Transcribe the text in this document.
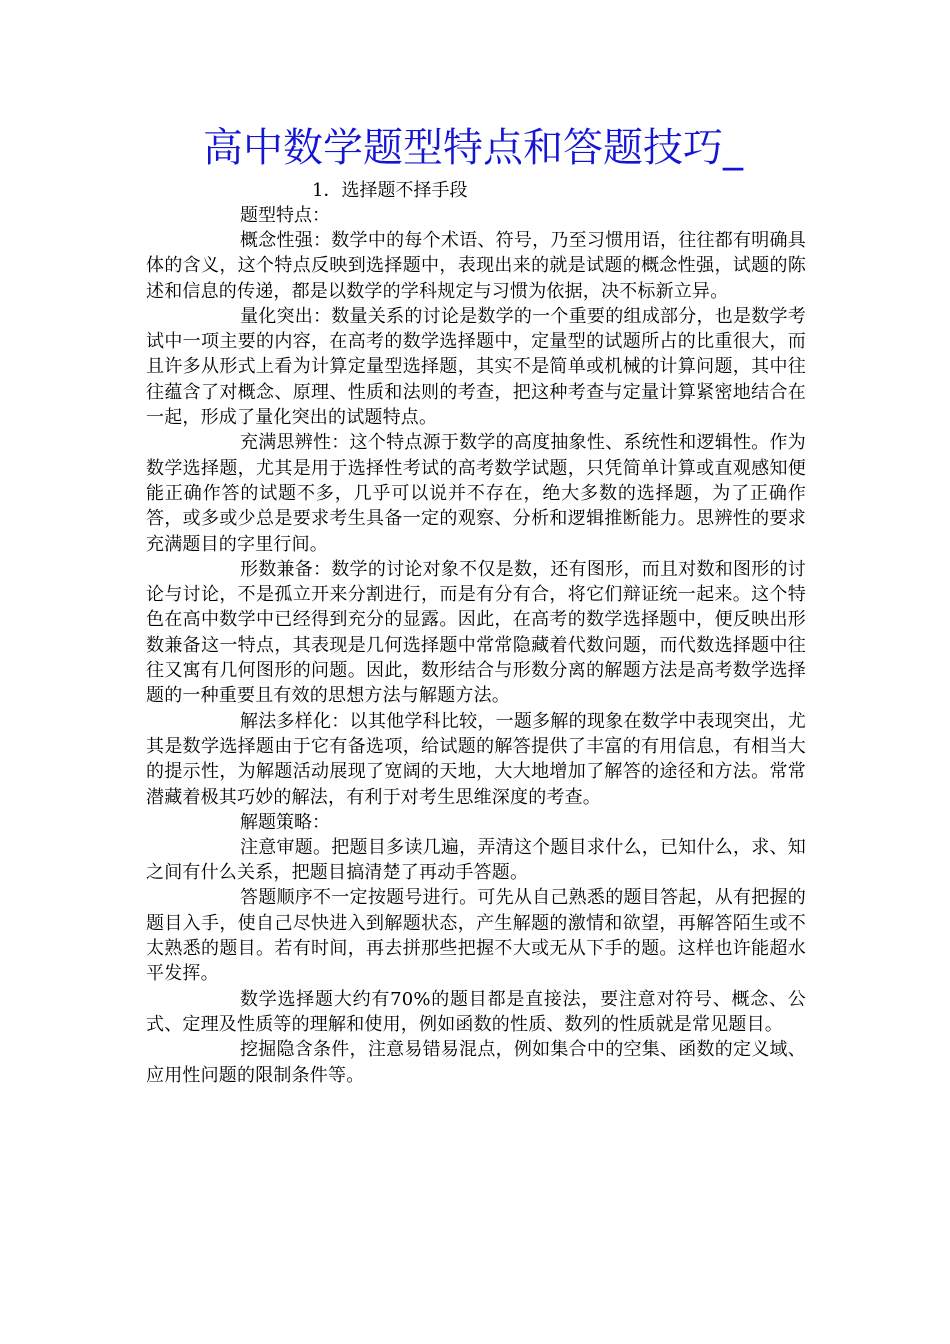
高中数学题型特点和答题技巧_
1．选择题不择手段
题型特点：

概念性强：数学中的每个术语、符号，乃至习惯用语，往往都有明确具体的含义，这个特点反映到选择题中，表现出来的就是试题的概念性强，试题的陈述和信息的传递，都是以数学的学科规定与习惯为依据，决不标新立异。

量化突出：数量关系的讨论是数学的一个重要的组成部分，也是数学考试中一项主要的内容，在高考的数学选择题中，定量型的试题所占的比重很大，而且许多从形式上看为计算定量型选择题，其实不是简单或机械的计算问题，其中往往蕴含了对概念、原理、性质和法则的考查，把这种考查与定量计算紧密地结合在一起，形成了量化突出的试题特点。

充满思辨性：这个特点源于数学的高度抽象性、系统性和逻辑性。作为数学选择题，尤其是用于选择性考试的高考数学试题，只凭简单计算或直观感知便能正确作答的试题不多，几乎可以说并不存在，绝大多数的选择题，为了正确作答，或多或少总是要求考生具备一定的观察、分析和逻辑推断能力。思辨性的要求充满题目的字里行间。

形数兼备：数学的讨论对象不仅是数，还有图形，而且对数和图形的讨论与讨论，不是孤立开来分割进行，而是有分有合，将它们辩证统一起来。这个特色在高中数学中已经得到充分的显露。因此，在高考的数学选择题中，便反映出形数兼备这一特点，其表现是几何选择题中常常隐藏着代数问题，而代数选择题中往往又寓有几何图形的问题。因此，数形结合与形数分离的解题方法是高考数学选择题的一种重要且有效的思想方法与解题方法。

解法多样化：以其他学科比较，一题多解的现象在数学中表现突出，尤其是数学选择题由于它有备选项，给试题的解答提供了丰富的有用信息，有相当大的提示性，为解题活动展现了宽阔的天地，大大地增加了解答的途径和方法。常常潜藏着极其巧妙的解法，有利于对考生思维深度的考查。

解题策略：

注意审题。把题目多读几遍，弄清这个题目求什么，已知什么，求、知之间有什么关系，把题目搞清楚了再动手答题。

答题顺序不一定按题号进行。可先从自己熟悉的题目答起，从有把握的题目入手，使自己尽快进入到解题状态，产生解题的激情和欲望，再解答陌生或不太熟悉的题目。若有时间，再去拼那些把握不大或无从下手的题。这样也许能超水平发挥。

数学选择题大约有70%的题目都是直接法，要注意对符号、概念、公式、定理及性质等的理解和使用，例如函数的性质、数列的性质就是常见题目。

挖掘隐含条件，注意易错易混点，例如集合中的空集、函数的定义域、应用性问题的限制条件等。
